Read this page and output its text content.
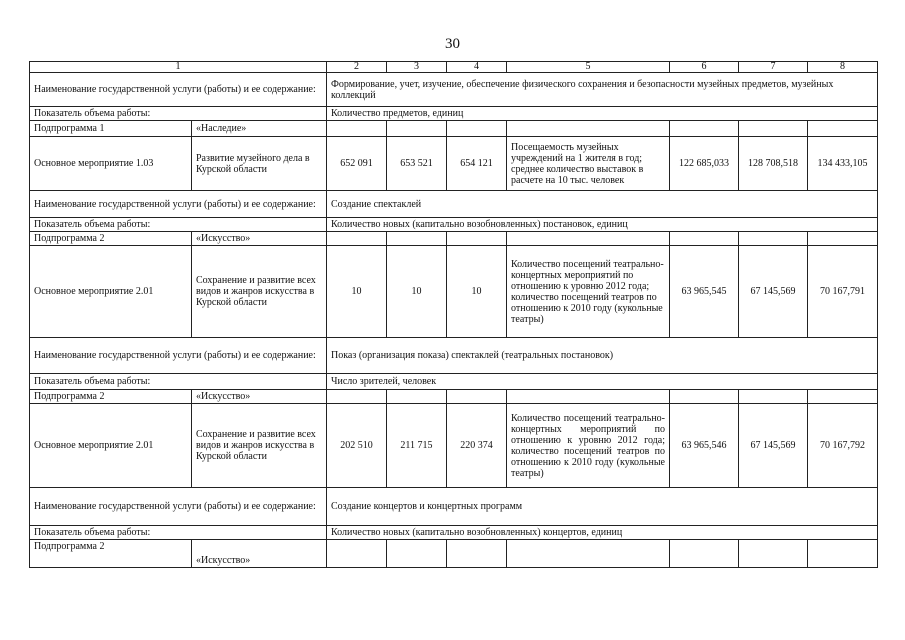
30
1		2	3	4	5	6	7	8
Наименование государственной услуги (работы) и ее содержание:		Формирование, учет, изучение, обеспечение физического сохранения и безопасности музейных предметов, музейных коллекций						
Показатель объема работы:		Количество предметов, единиц						
Подпрограмма 1	«Наследие»							
Основное мероприятие 1.03	Развитие музейного дела в Курской области	652 091	653 521	654 121	Посещаемость музейных учреждений на 1 жителя в год; среднее количество выставок в расчете на 10 тыс. человек	122 685,033	128 708,518	134 433,105
Наименование государственной услуги (работы) и ее содержание:		Создание спектаклей						
Показатель объема работы:		Количество новых (капитально возобновленных) постановок, единиц						
Подпрограмма 2	«Искусство»							
Основное мероприятие 2.01	Сохранение и развитие всех видов и жанров искусства в Курской области	10	10	10	Количество посещений театрально-концертных мероприятий по отношению к уровню 2012 года; количество посещений театров по отношению к 2010 году (кукольные театры)	63 965,545	67 145,569	70 167,791
Наименование государственной услуги (работы) и ее содержание:		Показ (организация показа) спектаклей (театральных постановок)						
Показатель объема работы:		Число зрителей, человек						
Подпрограмма 2	«Искусство»							
Основное мероприятие 2.01	Сохранение и развитие всех видов и жанров искусства в Курской области	202 510	211 715	220 374	Количество посещений театрально-концертных мероприятий по отношению к уровню 2012 года; количество посещений театров по отношению к 2010 году (кукольные театры)	63 965,546	67 145,569	70 167,792
Наименование государственной услуги (работы) и ее содержание:		Создание концертов и концертных программ						
Показатель объема работы:		Количество новых (капитально возобновленных) концертов, единиц						
Подпрограмма 2	«Искусство»							
